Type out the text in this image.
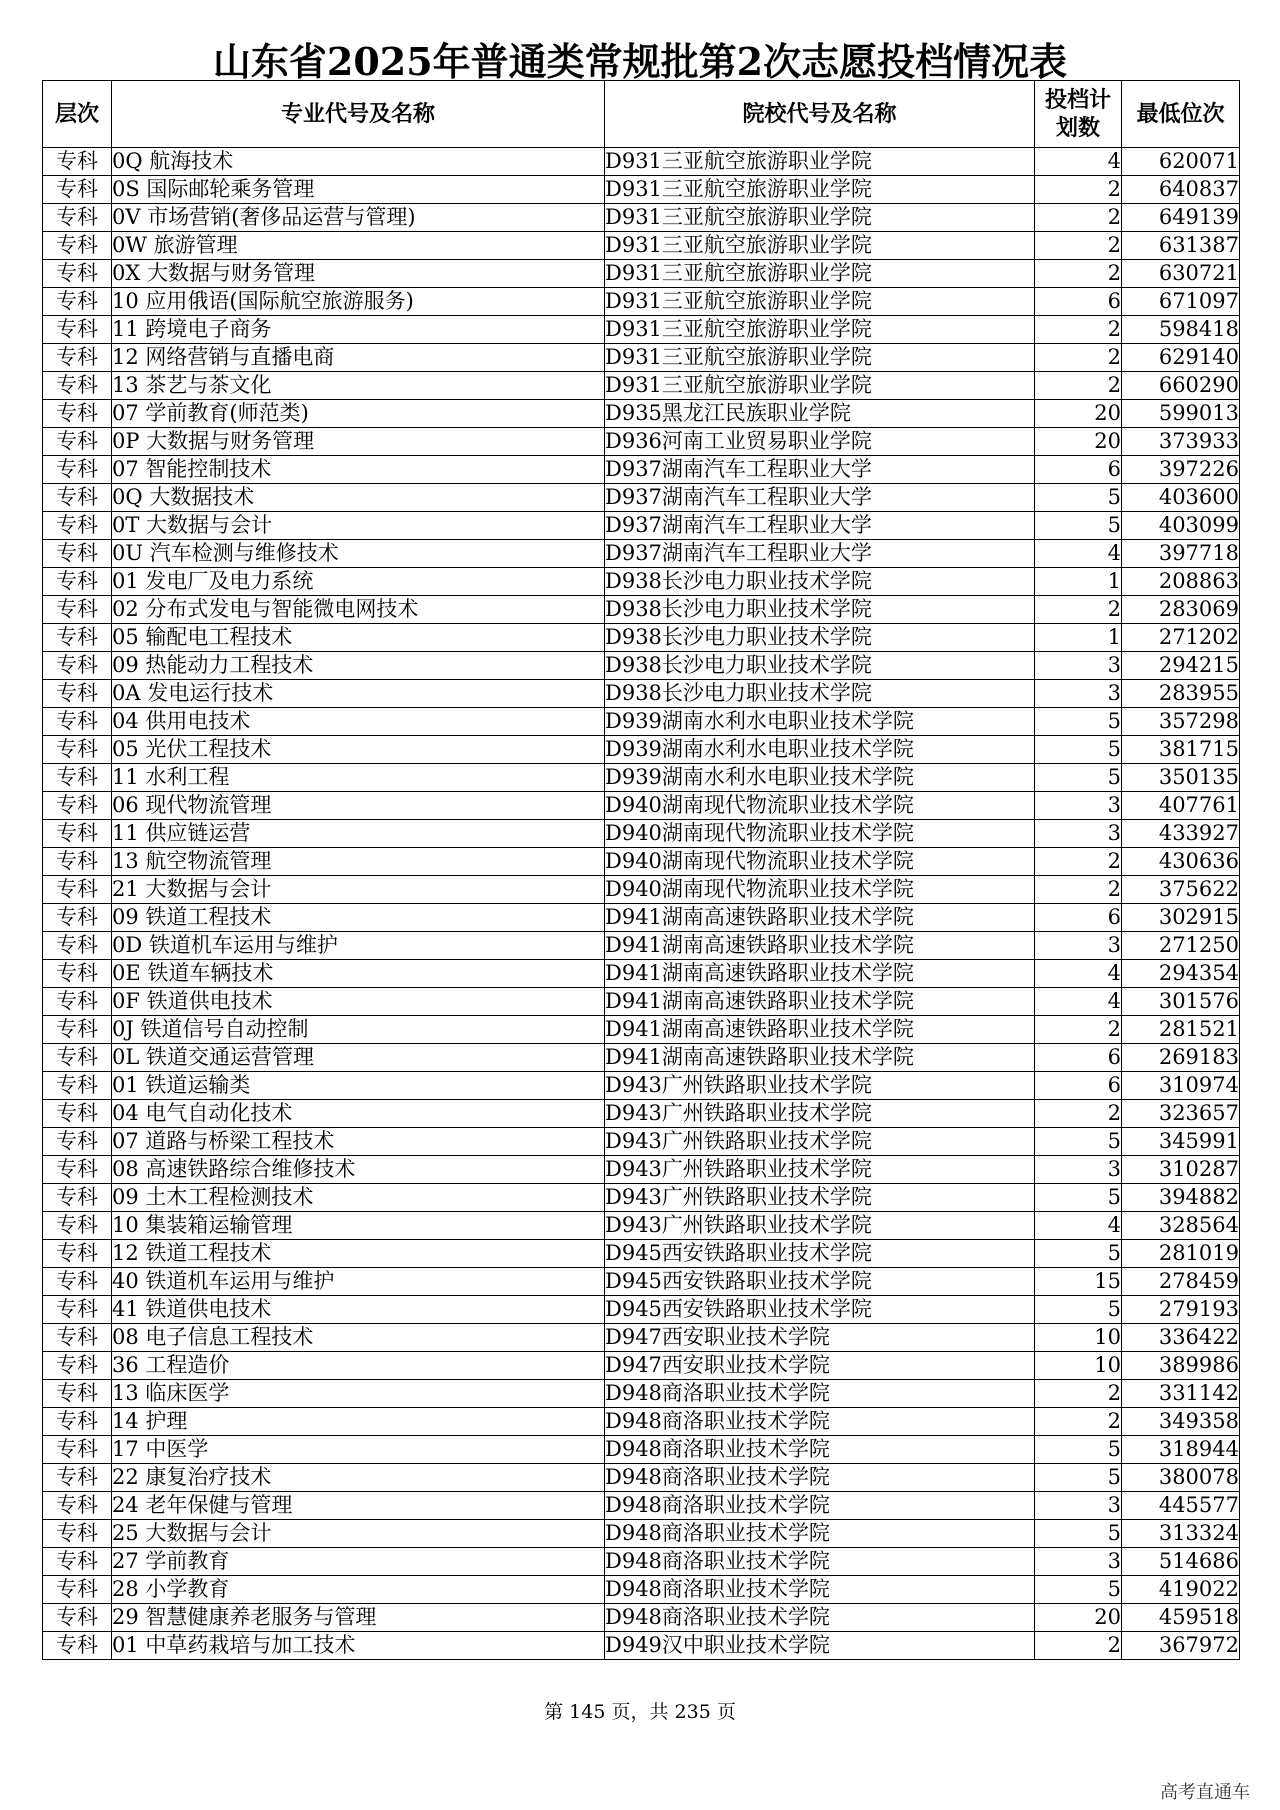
山东省2025年普通类常规批第2次志愿投档情况表
层次	专业代号及名称	院校代号及名称	投档计划数	最低位次
专科	0Q 航海技术	D931三亚航空旅游职业学院	4	620071
专科	0S 国际邮轮乘务管理	D931三亚航空旅游职业学院	2	640837
专科	0V 市场营销(奢侈品运营与管理)	D931三亚航空旅游职业学院	2	649139
专科	0W 旅游管理	D931三亚航空旅游职业学院	2	631387
专科	0X 大数据与财务管理	D931三亚航空旅游职业学院	2	630721
专科	10 应用俄语(国际航空旅游服务)	D931三亚航空旅游职业学院	6	671097
专科	11 跨境电子商务	D931三亚航空旅游职业学院	2	598418
专科	12 网络营销与直播电商	D931三亚航空旅游职业学院	2	629140
专科	13 茶艺与茶文化	D931三亚航空旅游职业学院	2	660290
专科	07 学前教育(师范类)	D935黑龙江民族职业学院	20	599013
专科	0P 大数据与财务管理	D936河南工业贸易职业学院	20	373933
专科	07 智能控制技术	D937湖南汽车工程职业大学	6	397226
专科	0Q 大数据技术	D937湖南汽车工程职业大学	5	403600
专科	0T 大数据与会计	D937湖南汽车工程职业大学	5	403099
专科	0U 汽车检测与维修技术	D937湖南汽车工程职业大学	4	397718
专科	01 发电厂及电力系统	D938长沙电力职业技术学院	1	208863
专科	02 分布式发电与智能微电网技术	D938长沙电力职业技术学院	2	283069
专科	05 输配电工程技术	D938长沙电力职业技术学院	1	271202
专科	09 热能动力工程技术	D938长沙电力职业技术学院	3	294215
专科	0A 发电运行技术	D938长沙电力职业技术学院	3	283955
专科	04 供用电技术	D939湖南水利水电职业技术学院	5	357298
专科	05 光伏工程技术	D939湖南水利水电职业技术学院	5	381715
专科	11 水利工程	D939湖南水利水电职业技术学院	5	350135
专科	06 现代物流管理	D940湖南现代物流职业技术学院	3	407761
专科	11 供应链运营	D940湖南现代物流职业技术学院	3	433927
专科	13 航空物流管理	D940湖南现代物流职业技术学院	2	430636
专科	21 大数据与会计	D940湖南现代物流职业技术学院	2	375622
专科	09 铁道工程技术	D941湖南高速铁路职业技术学院	6	302915
专科	0D 铁道机车运用与维护	D941湖南高速铁路职业技术学院	3	271250
专科	0E 铁道车辆技术	D941湖南高速铁路职业技术学院	4	294354
专科	0F 铁道供电技术	D941湖南高速铁路职业技术学院	4	301576
专科	0J 铁道信号自动控制	D941湖南高速铁路职业技术学院	2	281521
专科	0L 铁道交通运营管理	D941湖南高速铁路职业技术学院	6	269183
专科	01 铁道运输类	D943广州铁路职业技术学院	6	310974
专科	04 电气自动化技术	D943广州铁路职业技术学院	2	323657
专科	07 道路与桥梁工程技术	D943广州铁路职业技术学院	5	345991
专科	08 高速铁路综合维修技术	D943广州铁路职业技术学院	3	310287
专科	09 土木工程检测技术	D943广州铁路职业技术学院	5	394882
专科	10 集装箱运输管理	D943广州铁路职业技术学院	4	328564
专科	12 铁道工程技术	D945西安铁路职业技术学院	5	281019
专科	40 铁道机车运用与维护	D945西安铁路职业技术学院	15	278459
专科	41 铁道供电技术	D945西安铁路职业技术学院	5	279193
专科	08 电子信息工程技术	D947西安职业技术学院	10	336422
专科	36 工程造价	D947西安职业技术学院	10	389986
专科	13 临床医学	D948商洛职业技术学院	2	331142
专科	14 护理	D948商洛职业技术学院	2	349358
专科	17 中医学	D948商洛职业技术学院	5	318944
专科	22 康复治疗技术	D948商洛职业技术学院	5	380078
专科	24 老年保健与管理	D948商洛职业技术学院	3	445577
专科	25 大数据与会计	D948商洛职业技术学院	5	313324
专科	27 学前教育	D948商洛职业技术学院	3	514686
专科	28 小学教育	D948商洛职业技术学院	5	419022
专科	29 智慧健康养老服务与管理	D948商洛职业技术学院	20	459518
专科	01 中草药栽培与加工技术	D949汉中职业技术学院	2	367972
第 145 页，共 235 页
高考直通车
